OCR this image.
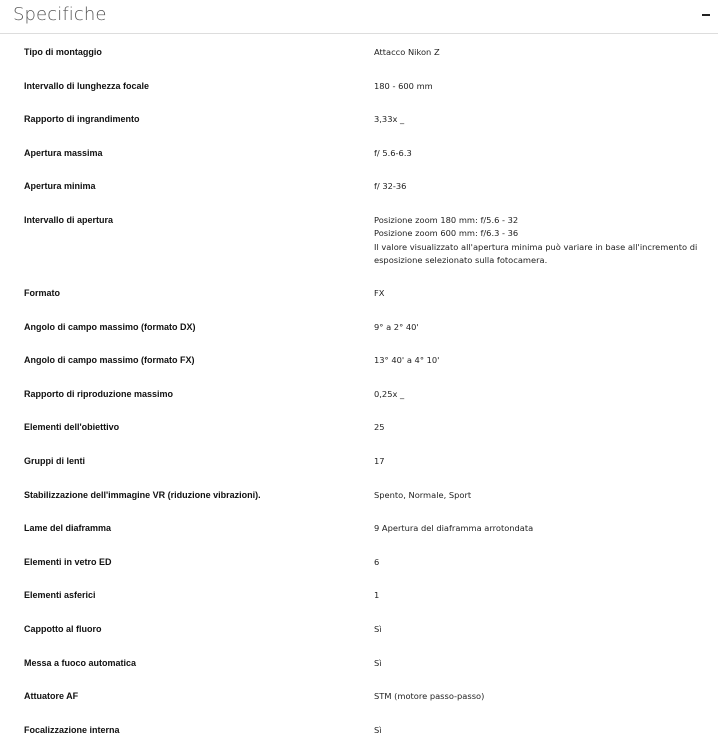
Specifiche
Tipo di montaggio	Attacco Nikon Z
Intervallo di lunghezza focale	180 - 600 mm
Rapporto di ingrandimento	3,33x _
Apertura massima	f/ 5.6-6.3
Apertura minima	f/ 32-36
Intervallo di apertura	Posizione zoom 180 mm: f/5.6 - 32
Posizione zoom 600 mm: f/6.3 - 36
Il valore visualizzato all'apertura minima può variare in base all'incremento di
esposizione selezionato sulla fotocamera.
Formato	FX
Angolo di campo massimo (formato DX)	9° a 2° 40'
Angolo di campo massimo (formato FX)	13° 40' a 4° 10'
Rapporto di riproduzione massimo	0,25x _
Elementi dell'obiettivo	25
Gruppi di lenti	17
Stabilizzazione dell'immagine VR (riduzione vibrazioni).	Spento, Normale, Sport
Lame del diaframma	9 Apertura del diaframma arrotondata
Elementi in vetro ED	6
Elementi asferici	1
Cappotto al fluoro	Sì
Messa a fuoco automatica	Sì
Attuatore AF	STM (motore passo-passo)
Focalizzazione interna	Sì
